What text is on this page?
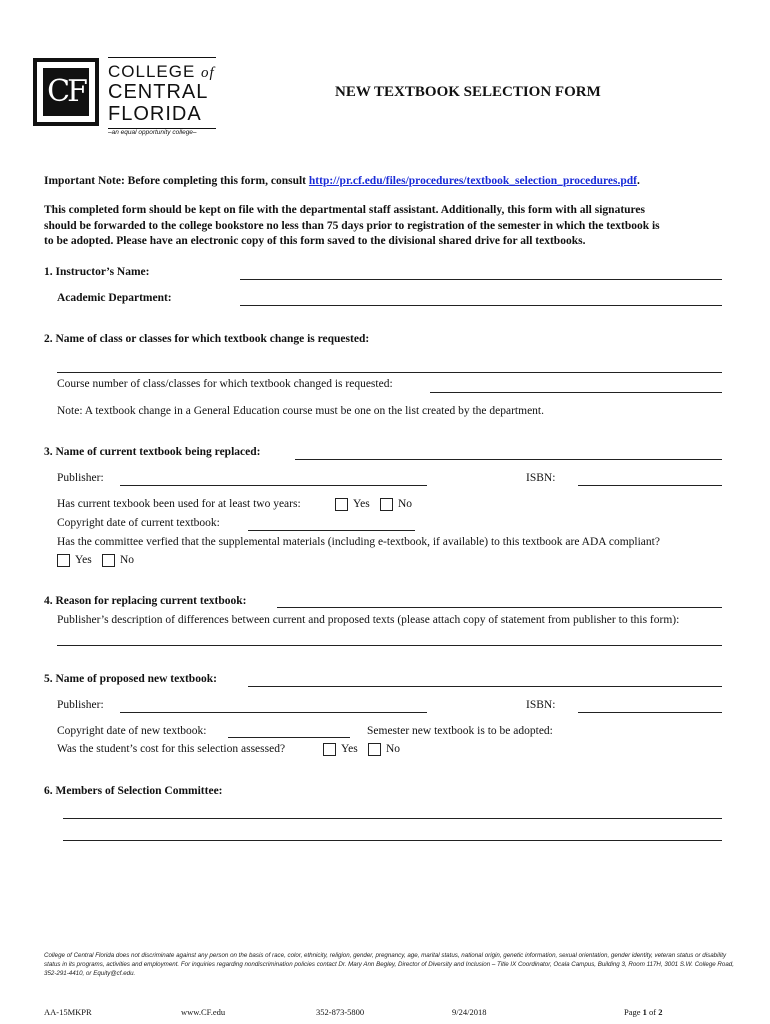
CF
COLLEGE of
CENTRAL
FLORIDA
–an equal opportunity college–
NEW TEXTBOOK SELECTION FORM
Important Note: Before completing this form, consult http://pr.cf.edu/files/procedures/textbook_selection_procedures.pdf.
This completed form should be kept on file with the departmental staff assistant. Additionally, this form with all signatures
should be forwarded to the college bookstore no less than 75 days prior to registration of the semester in which the textbook is
to be adopted. Please have an electronic copy of this form saved to the divisional shared drive for all textbooks.
1. Instructor’s Name:
Academic Department:
2. Name of class or classes for which textbook change is requested:
Course number of class/classes for which textbook changed is requested:
Note: A textbook change in a General Education course must be one on the list created by the department.
3. Name of current textbook being replaced:
Publisher:	ISBN:
Has current texbook been used for at least two years:	Yes No
Copyright date of current textbook:
Has the committee verfied that the supplemental materials (including e-textbook, if available) to this textbook are ADA compliant?
Yes No
4. Reason for replacing current textbook:
Publisher’s description of differences between current and proposed texts (please attach copy of statement from publisher to this form):
5. Name of proposed new textbook:
Publisher:	ISBN:
Copyright date of new textbook:	Semester new textbook is to be adopted:
Was the student’s cost for this selection assessed?	Yes No
6. Members of Selection Committee:
College of Central Florida does not discriminate against any person on the basis of race, color, ethnicity, religion, gender, pregnancy, age, marital status, national origin, genetic information, sexual orientation, gender identity, veteran status or disability status in its programs, activities and employment. For inquiries regarding nondiscrimination policies contact Dr. Mary Ann Begley, Director of Diversity and Inclusion – Title IX Coordinator, Ocala Campus, Building 3, Room 117H, 3001 S.W. College Road, 352-291-4410, or Equity@cf.edu.
AA-15MKPR	www.CF.edu	352-873-5800	9/24/2018	Page 1 of 2
